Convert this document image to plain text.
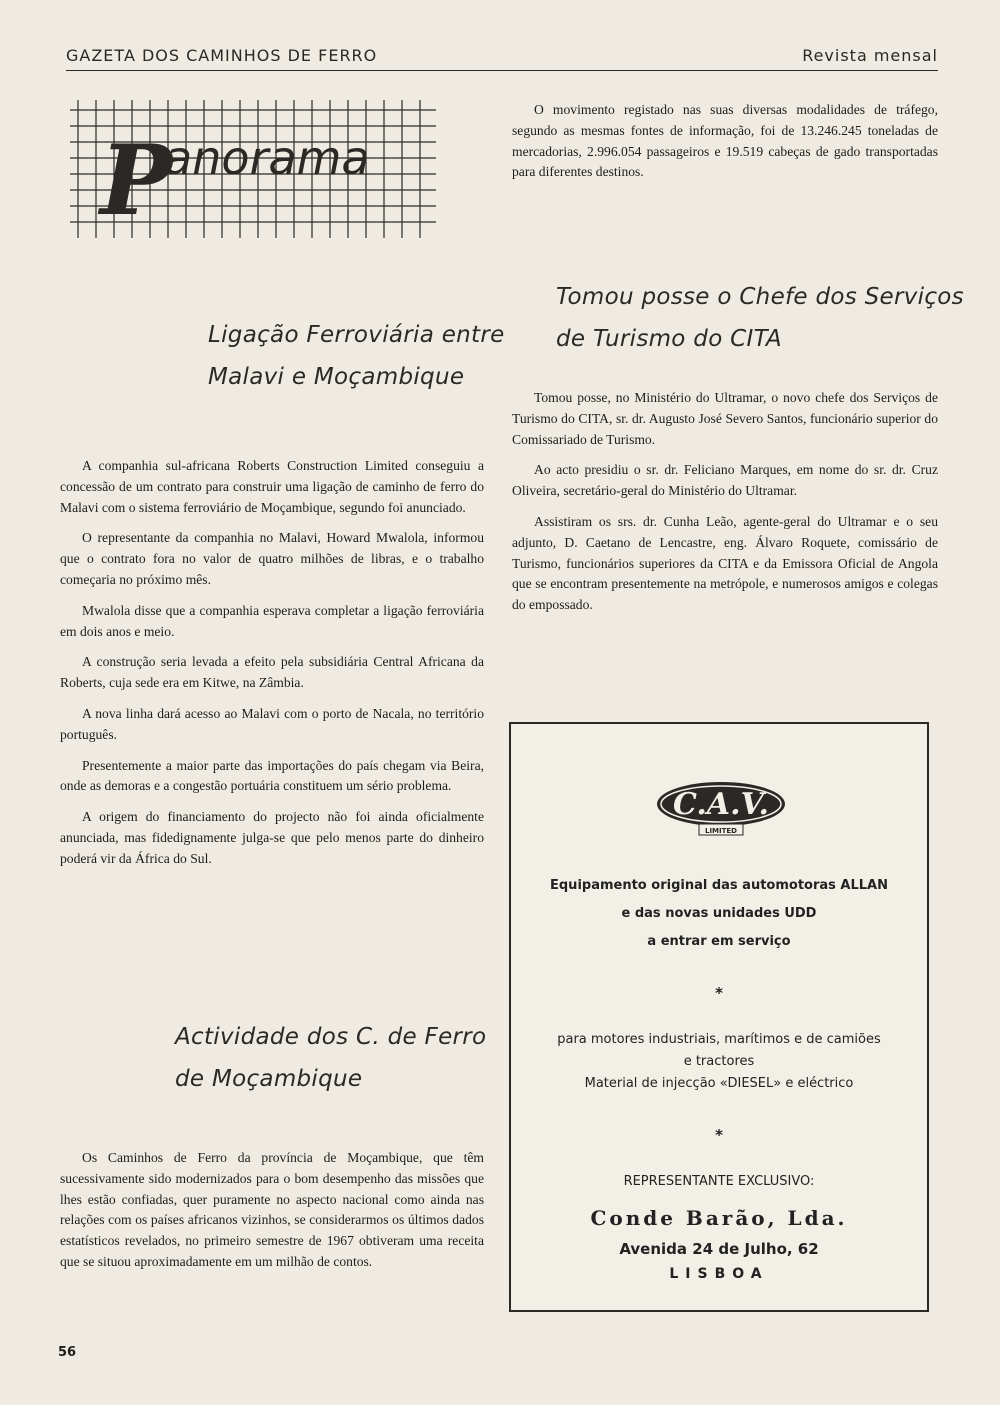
GAZETA DOS CAMINHOS DE FERRO	Revista mensal
P
anorama

O movimento registado nas suas diversas modalidades de tráfego, segundo as mesmas fontes de informação, foi de 13.246.245 toneladas de mercadorias, 2.996.054 passageiros e 19.519 cabeças de gado transportadas para diferentes destinos.

Ligação Ferroviária entre
Malavi e Moçambique

A companhia sul-africana Roberts Construction Limited conseguiu a concessão de um contrato para construir uma ligação de caminho de ferro do Malavi com o sistema ferroviário de Moçambique, segundo foi anunciado.

O representante da companhia no Malavi, Howard Mwalola, informou que o contrato fora no valor de quatro milhões de libras, e o trabalho começaria no próximo mês.

Mwalola disse que a companhia esperava completar a ligação ferroviária em dois anos e meio.

A construção seria levada a efeito pela subsidiária Central Africana da Roberts, cuja sede era em Kitwe, na Zâmbia.

A nova linha dará acesso ao Malavi com o porto de Nacala, no território português.

Presentemente a maior parte das importações do país chegam via Beira, onde as demoras e a congestão portuária constituem um sério problema.

A origem do financiamento do projecto não foi ainda oficialmente anunciada, mas fidedignamente julga-se que pelo menos parte do dinheiro poderá vir da África do Sul.

Actividade dos C. de Ferro
de Moçambique

Os Caminhos de Ferro da província de Moçambique, que têm sucessivamente sido modernizados para o bom desempenho das missões que lhes estão confiadas, quer puramente no aspecto nacional como ainda nas relações com os países africanos vizinhos, se considerarmos os últimos dados estatísticos revelados, no primeiro semestre de 1967 obtiveram uma receita que se situou aproximadamente em um milhão de contos.

Tomou posse o Chefe dos Serviços
de Turismo do CITA

Tomou posse, no Ministério do Ultramar, o novo chefe dos Serviços de Turismo do CITA, sr. dr. Augusto José Severo Santos, funcionário superior do Comissariado de Turismo.

Ao acto presidiu o sr. dr. Feliciano Marques, em nome do sr. dr. Cruz Oliveira, secretário-geral do Ministério do Ultramar.

Assistiram os srs. dr. Cunha Leão, agente-geral do Ultramar e o seu adjunto, D. Caetano de Lencastre, eng. Álvaro Roquete, comissário de Turismo, funcionários superiores da CITA e da Emissora Oficial de Angola que se encontram presentemente na metrópole, e numerosos amigos e colegas do empossado.

C.A.V.
LIMITED
Equipamento original das automotoras ALLAN
e das novas unidades UDD
a entrar em serviço
*
para motores industriais, marítimos e de camiões
e tractores
Material de injecção «DIESEL» e eléctrico
*
REPRESENTANTE EXCLUSIVO:
Conde Barão, Lda.
Avenida 24 de Julho, 62
LISBOA
56
